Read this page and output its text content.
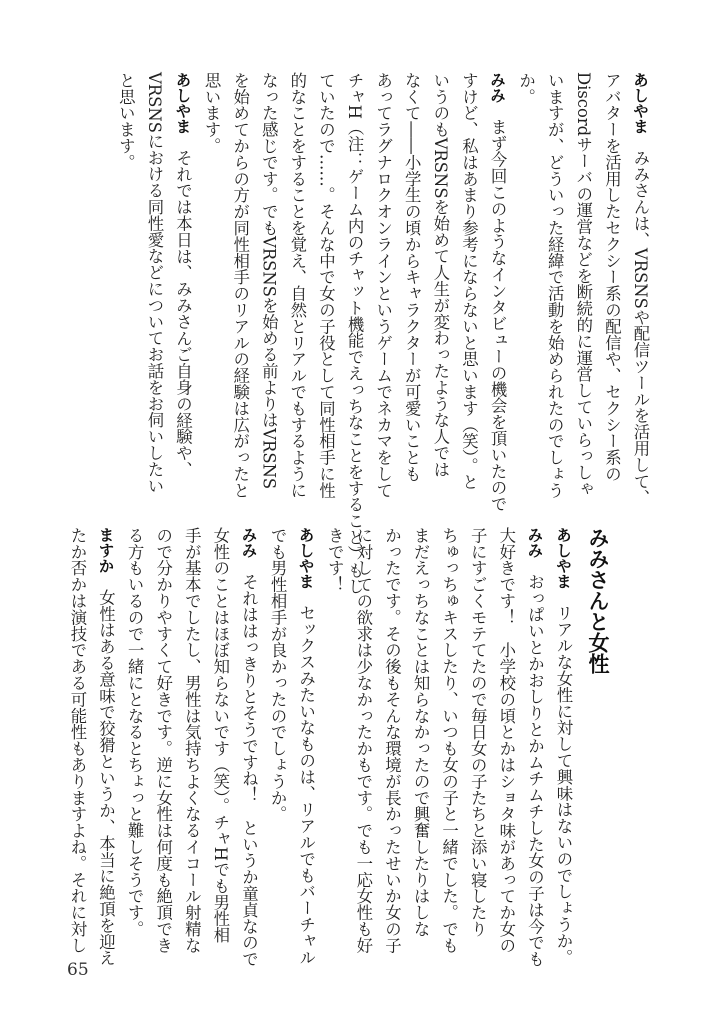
あしやまみみさんは、VRSNSや配信ツールを活用して、
アバターを活用したセクシー系の配信や、セクシー系の
Discordサーバの運営などを断続的に運営していらっしゃ
いますが、どういった経緯で活動を始められたのでしょう
か。
みみまず今回このようなインタビューの機会を頂いたので
すけど、私はあまり参考にならないと思います（笑）。と
いうのもVRSNSを始めて人生が変わったような人では
なくて――小学生の頃からキャラクターが可愛いことも
あってラグナロクオンラインというゲームでネカマをして
チャH（注：ゲーム内のチャット機能でえっちなことをすること）もし
ていたので……。そんな中で女の子役として同性相手に性
的なことをすることを覚え、自然とリアルでもするように
なった感じです。でもVRSNSを始める前よりはVRSNS
を始めてからの方が同性相手のリアルの経験は広がったと
思います。
あしやまそれでは本日は、みみさんご自身の経験や、
VRSNSにおける同性愛などについてお話をお伺いしたい
と思います。
みみさんと女性
あしやまリアルな女性に対して興味はないのでしょうか。
みみおっぱいとかおしりとかムチムチした女の子は今でも
大好きです！　小学校の頃とかはショタ味があってか女の
子にすごくモテてたので毎日女の子たちと添い寝したり
ちゅっちゅキスしたり、いつも女の子と一緒でした。でも
まだえっちなことは知らなかったので興奮したりはしな
かったです。その後もそんな環境が長かったせいか女の子
に対しての欲求は少なかったかもです。でも一応女性も好
きです！
あしやまセックスみたいなものは、リアルでもバーチャル
でも男性相手が良かったのでしょうか。
みみそれははっきりとそうですね！　というか童貞なので
女性のことはほぼ知らないです（笑）。チャHでも男性相
手が基本でしたし、男性は気持ちよくなるイコール射精な
ので分かりやすくて好きです。逆に女性は何度も絶頂でき
る方もいるので一緒にとなるとちょっと難しそうです。
ますか女性はある意味で狡猾というか、本当に絶頂を迎え
たか否かは演技である可能性もありますよね。それに対し
65
